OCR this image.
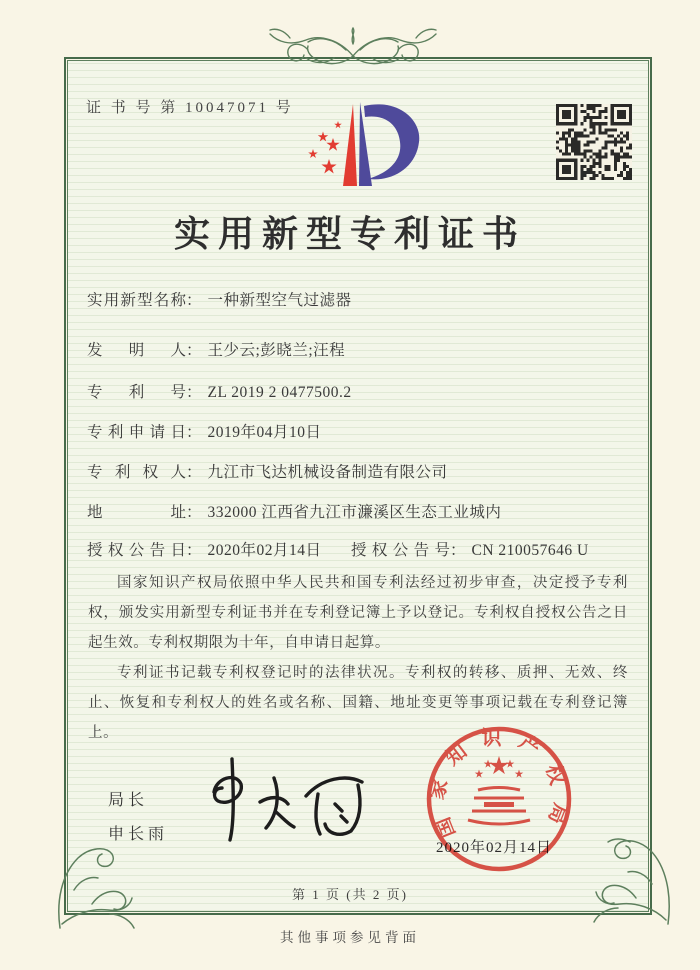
证 书 号 第 10047071 号
实用新型专利证书
实用新型名称： 一种新型空气过滤器
发明人： 王少云;彭晓兰;汪程
专利号： ZL 2019 2 0477500.2
专利申请日： 2019年04月10日
专利权人： 九江市飞达机械设备制造有限公司
地址： 332000 江西省九江市濂溪区生态工业城内
授权公告日： 2020年02月14日 授权公告号： CN 210057646 U

国家知识产权局依照中华人民共和国专利法经过初步审查，决定授予专利权，颁发实用新型专利证书并在专利登记簿上予以登记。专利权自授权公告之日起生效。专利权期限为十年，自申请日起算。

专利证书记载专利权登记时的法律状况。专利权的转移、质押、无效、终止、恢复和专利权人的姓名或名称、国籍、地址变更等事项记载在专利登记簿上。

局长
申长雨
2020年02月14日
国家知识产权局
第 1 页 (共 2 页)
其他事项参见背面
